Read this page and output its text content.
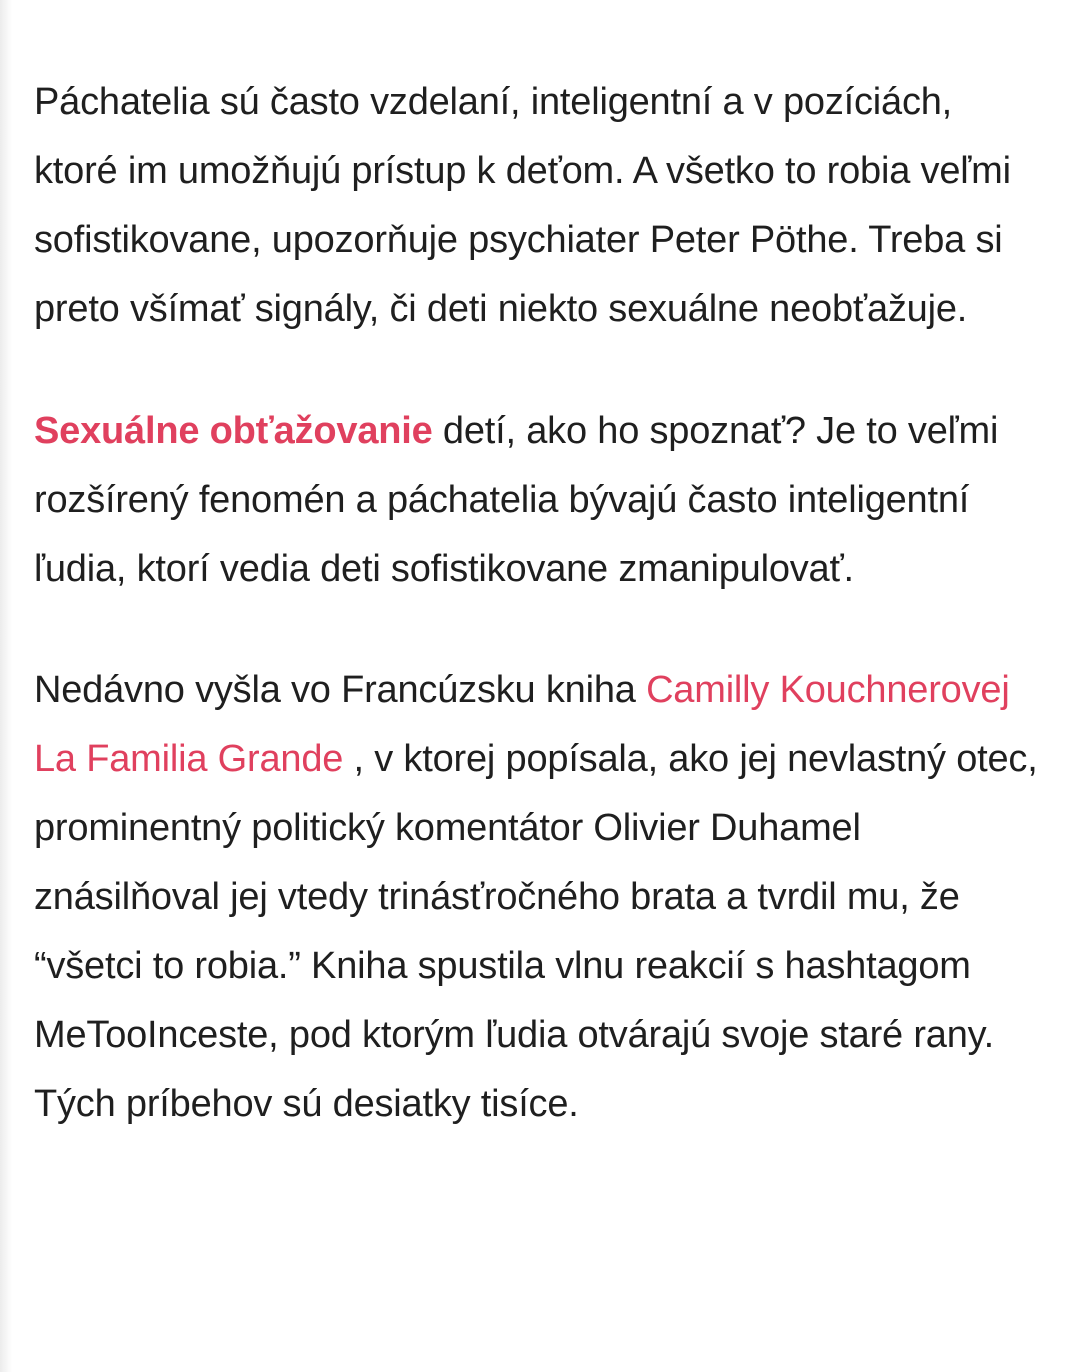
Páchatelia sú často vzdelaní, inteligentní a v pozíciách, ktoré im umožňujú prístup k deťom. A všetko to robia veľmi sofistikovane, upozorňuje psychiater Peter Pöthe. Treba si preto všímať signály, či deti niekto sexuálne neobťažuje.

Sexuálne obťažovanie detí, ako ho spoznať? Je to veľmi rozšírený fenomén a páchatelia bývajú často inteligentní ľudia, ktorí vedia deti sofistikovane zmanipulovať.

Nedávno vyšla vo Francúzsku kniha Camilly Kouchnerovej La Familia Grande , v ktorej popísala, ako jej nevlastný otec, prominentný politický komentátor Olivier Duhamel znásilňoval jej vtedy trinásťročného brata a tvrdil mu, že “všetci to robia.” Kniha spustila vlnu reakcií s hashtagom MeTooInceste, pod ktorým ľudia otvárajú svoje staré rany. Tých príbehov sú desiatky tisíce.
